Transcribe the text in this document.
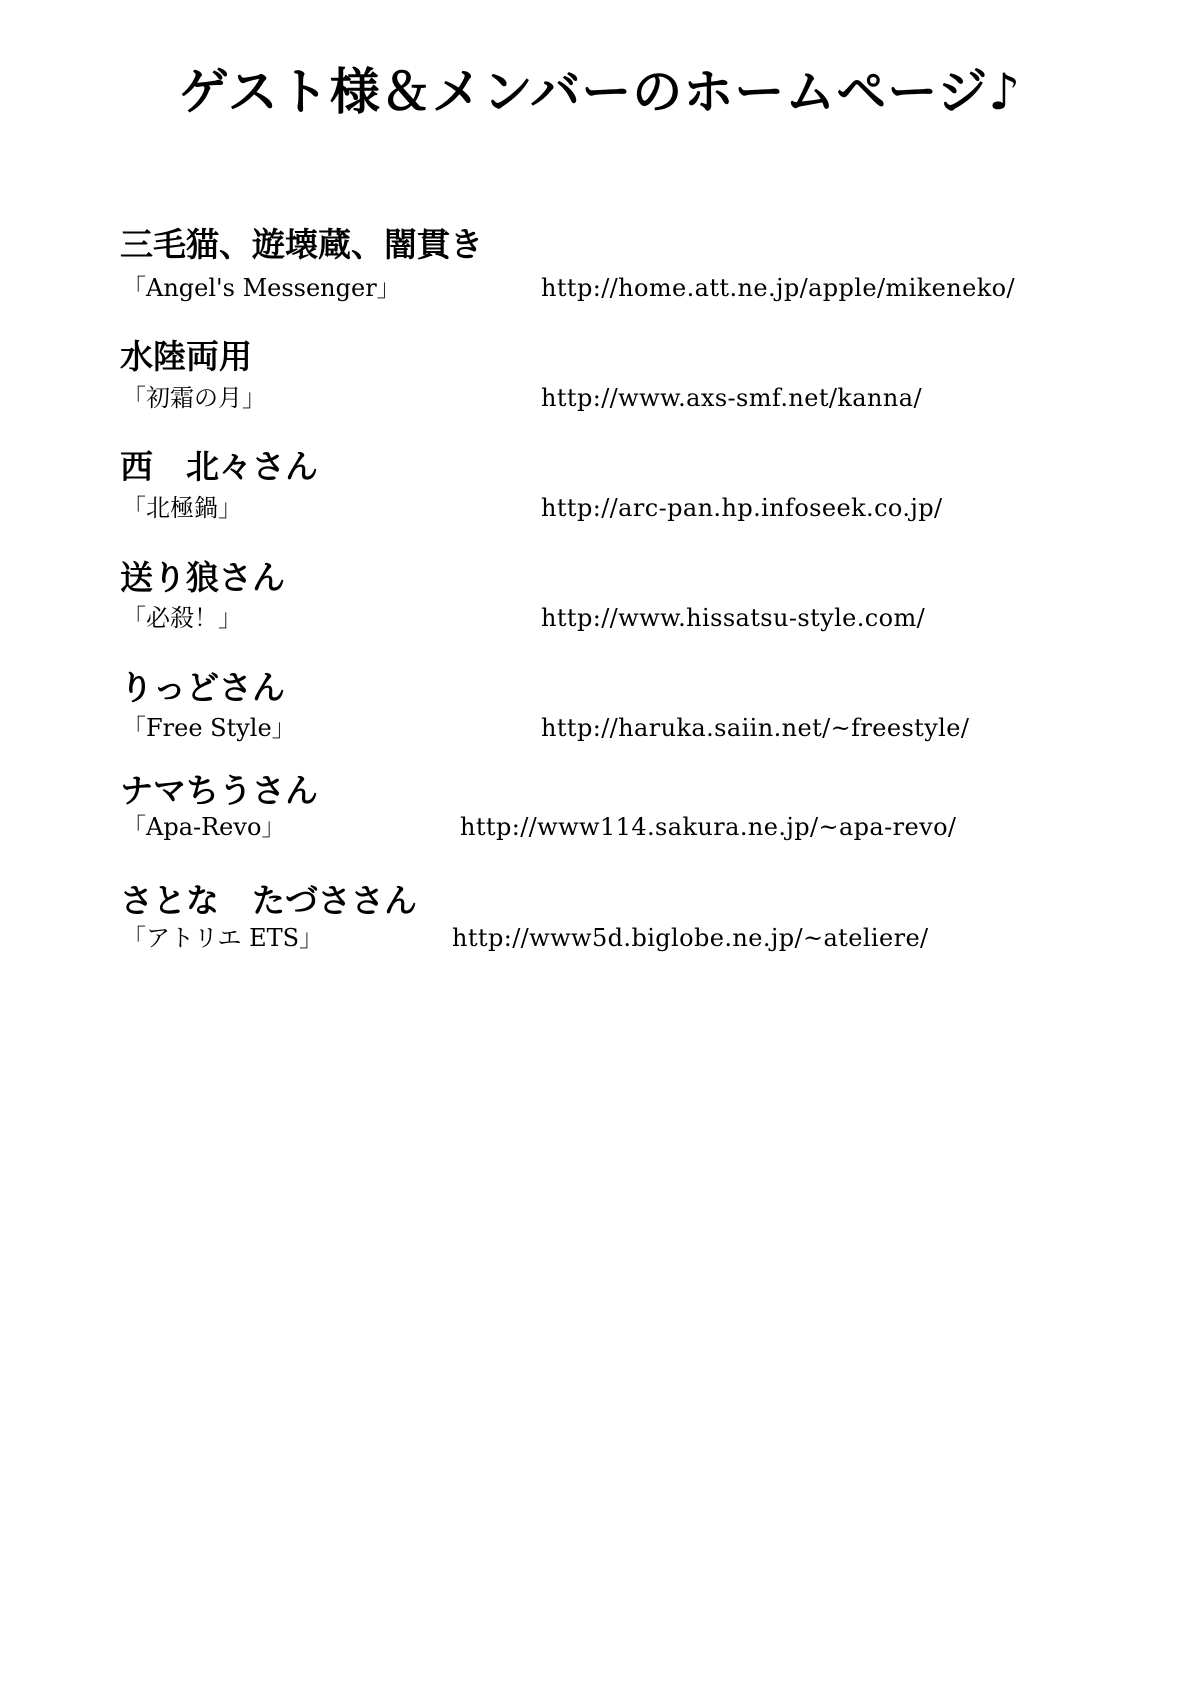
ゲスト様＆メンバーのホームページ♪
三毛猫、遊壊蔵、闇貫き
「Angel's Messenger」	http://home.att.ne.jp/apple/mikeneko/
水陸両用
「初霜の月」	http://www.axs-smf.net/kanna/
西　北々さん
「北極鍋」	http://arc-pan.hp.infoseek.co.jp/
送り狼さん
「必殺！」	http://www.hissatsu-style.com/
りっどさん
「Free Style」	http://haruka.saiin.net/~freestyle/
ナマちうさん
「Apa-Revo」	http://www114.sakura.ne.jp/~apa-revo/
さとな　たづささん
「アトリエ ETS」	http://www5d.biglobe.ne.jp/~ateliere/
